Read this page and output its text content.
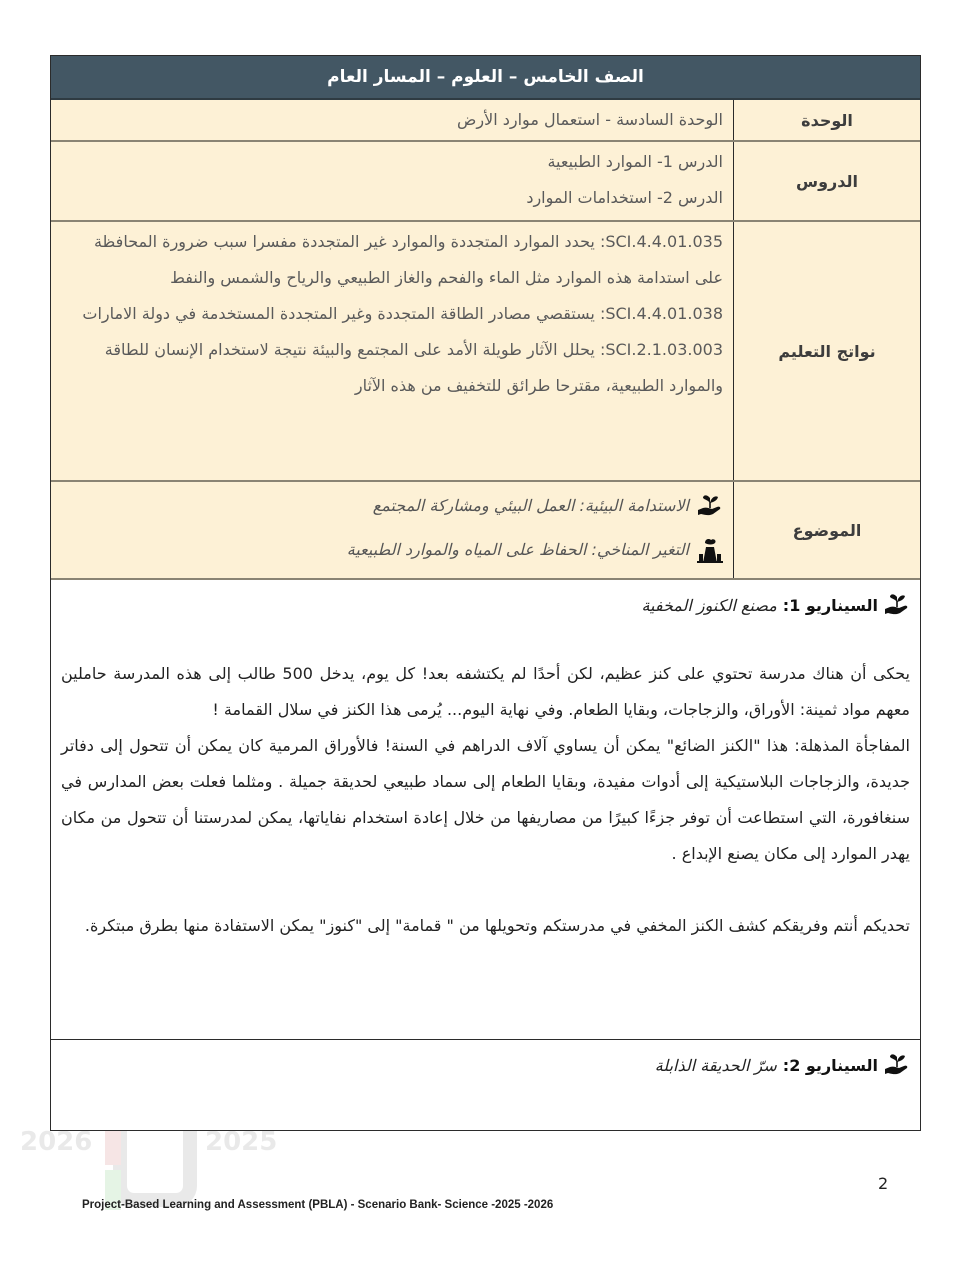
2026	2025
الصف الخامس – العلوم – المسار العام
الوحدة
الوحدة السادسة - استعمال موارد الأرض
الدروس
الدرس 1- الموارد الطبيعية
الدرس 2- استخدامات الموارد
نواتج التعليم
SCI.4.4.01.035: يحدد الموارد المتجددة والموارد غير المتجددة مفسرا سبب ضرورة المحافظة على استدامة هذه الموارد مثل الماء والفحم والغاز الطبيعي والرياح والشمس والنفط
SCI.4.4.01.038: يستقصي مصادر الطاقة المتجددة وغير المتجددة المستخدمة في دولة الامارات
SCI.2.1.03.003: يحلل الآثار طويلة الأمد على المجتمع والبيئة نتيجة لاستخدام الإنسان للطاقة والموارد الطبيعية، مقترحا طرائق للتخفيف من هذه الآثار
الموضوع
الاستدامة البيئية: العمل البيئي ومشاركة المجتمع
التغير المناخي: الحفاظ على المياه والموارد الطبيعية
السيناريو 1:
مصنع الكنوز المخفية

يحكى أن هناك مدرسة تحتوي على كنز عظيم، لكن أحدًا لم يكتشفه بعد! كل يوم، يدخل 500 طالب إلى هذه المدرسة حاملين معهم مواد ثمينة: الأوراق، والزجاجات، وبقايا الطعام. وفي نهاية اليوم... يُرمى هذا الكنز في سلال القمامة !

المفاجأة المذهلة: هذا "الكنز الضائع" يمكن أن يساوي آلاف الدراهم في السنة! فالأوراق المرمية كان يمكن أن تتحول إلى دفاتر جديدة، والزجاجات البلاستيكية إلى أدوات مفيدة، وبقايا الطعام إلى سماد طبيعي لحديقة جميلة . ومثلما فعلت بعض المدارس في سنغافورة، التي استطاعت أن توفر جزءًا كبيرًا من مصاريفها من خلال إعادة استخدام نفاياتها، يمكن لمدرستنا أن تتحول من مكان يهدر الموارد إلى مكان يصنع الإبداع .

تحديكم أنتم وفريقكم كشف الكنز المخفي في مدرستكم وتحويلها من " قمامة" إلى "كنوز" يمكن الاستفادة منها بطرق مبتكرة.

السيناريو 2:
سرّ الحديقة الذابلة
2
Project-Based Learning and Assessment (PBLA) - Scenario Bank- Science -2025 -2026
